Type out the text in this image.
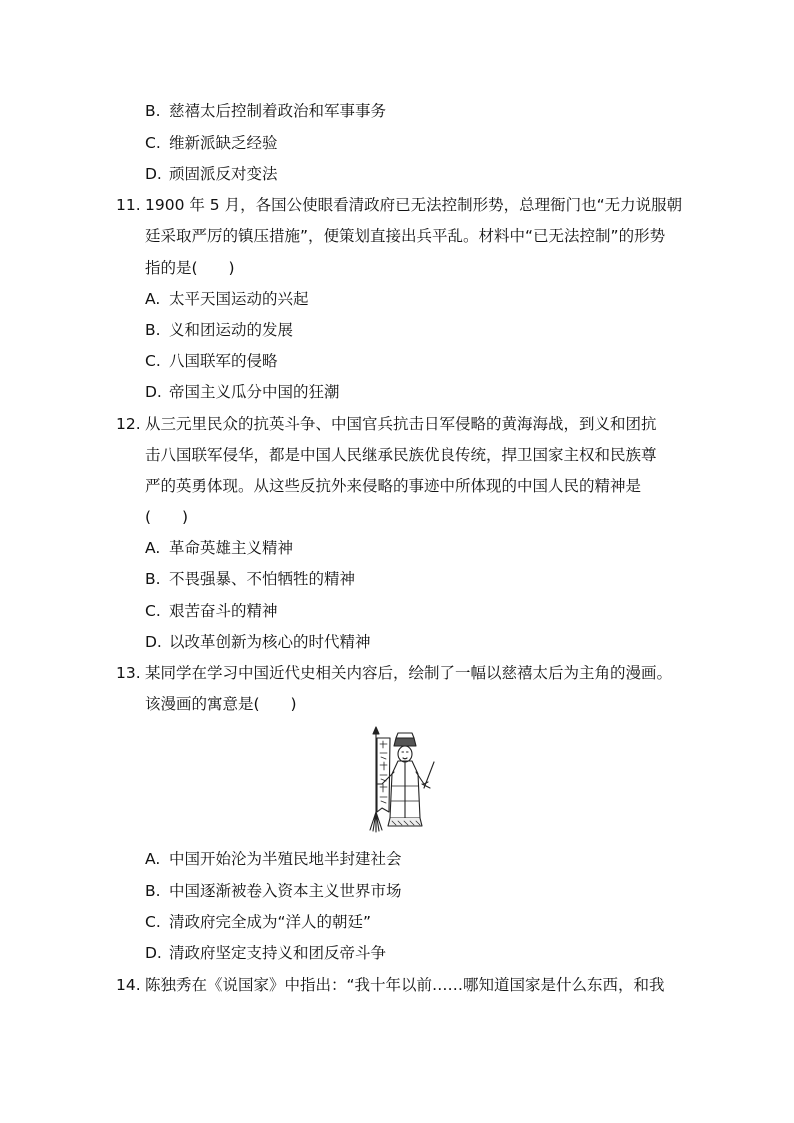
B. 慈禧太后控制着政治和军事事务
C. 维新派缺乏经验
D. 顽固派反对变法
11. 1900 年 5 月，各国公使眼看清政府已无法控制形势，总理衙门也“无力说服朝
廷采取严厉的镇压措施”，便策划直接出兵平乱。材料中“已无法控制”的形势
指的是(　　)
A. 太平天国运动的兴起
B. 义和团运动的发展
C. 八国联军的侵略
D. 帝国主义瓜分中国的狂潮
12. 从三元里民众的抗英斗争、中国官兵抗击日军侵略的黄海海战，到义和团抗
击八国联军侵华，都是中国人民继承民族优良传统，捍卫国家主权和民族尊
严的英勇体现。从这些反抗外来侵略的事迹中所体现的中国人民的精神是
(　　)
A. 革命英雄主义精神
B. 不畏强暴、不怕牺牲的精神
C. 艰苦奋斗的精神
D. 以改革创新为核心的时代精神
13. 某同学在学习中国近代史相关内容后，绘制了一幅以慈禧太后为主角的漫画。
该漫画的寓意是(　　)
A. 中国开始沦为半殖民地半封建社会
B. 中国逐渐被卷入资本主义世界市场
C. 清政府完全成为“洋人的朝廷”
D. 清政府坚定支持义和团反帝斗争
14. 陈独秀在《说国家》中指出：“我十年以前……哪知道国家是什么东西，和我
